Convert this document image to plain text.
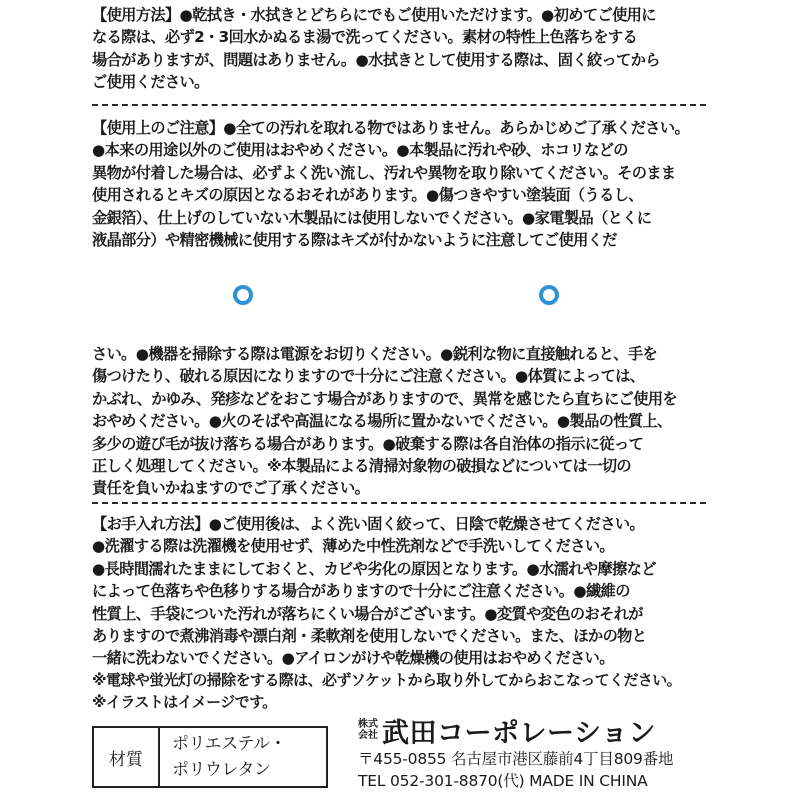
【使用方法】●乾拭き・水拭きとどちらにでもご使用いただけます。●初めてご使用に
なる際は、必ず2・3回水かぬるま湯で洗ってください。素材の特性上色落ちをする
場合がありますが、問題はありません。●水拭きとして使用する際は、固く絞ってから
ご使用ください。
【使用上のご注意】●全ての汚れを取れる物ではありません。あらかじめご了承ください。
●本来の用途以外のご使用はおやめください。●本製品に汚れや砂、ホコリなどの
異物が付着した場合は、必ずよく洗い流し、汚れや異物を取り除いてください。そのまま
使用されるとキズの原因となるおそれがあります。●傷つきやすい塗装面（うるし、
金銀箔）、仕上げのしていない木製品には使用しないでください。●家電製品（とくに
液晶部分）や精密機械に使用する際はキズが付かないように注意してご使用くだ
さい。●機器を掃除する際は電源をお切りください。●鋭利な物に直接触れると、手を
傷つけたり、破れる原因になりますので十分にご注意ください。●体質によっては、
かぶれ、かゆみ、発疹などをおこす場合がありますので、異常を感じたら直ちにご使用を
おやめください。●火のそばや高温になる場所に置かないでください。●製品の性質上、
多少の遊び毛が抜け落ちる場合があります。●破棄する際は各自治体の指示に従って
正しく処理してください。※本製品による清掃対象物の破損などについては一切の
責任を負いかねますのでご了承ください。
【お手入れ方法】●ご使用後は、よく洗い固く絞って、日陰で乾燥させてください。
●洗濯する際は洗濯機を使用せず、薄めた中性洗剤などで手洗いしてください。
●長時間濡れたままにしておくと、カビや劣化の原因となります。●水濡れや摩擦など
によって色落ちや色移りする場合がありますので十分にご注意ください。●繊維の
性質上、手袋についた汚れが落ちにくい場合がございます。●変質や変色のおそれが
ありますので煮沸消毒や漂白剤・柔軟剤を使用しないでください。また、ほかの物と
一緒に洗わないでください。●アイロンがけや乾燥機の使用はおやめください。
※電球や蛍光灯の掃除をする際は、必ずソケットから取り外してからおこなってください。
※イラストはイメージです。
材質
ポリエステル・
ポリウレタン
株式
会社 武田コーポレーション
〒455-0855 名古屋市港区藤前4丁目809番地
TEL 052-301-8870(代) MADE IN CHINA
